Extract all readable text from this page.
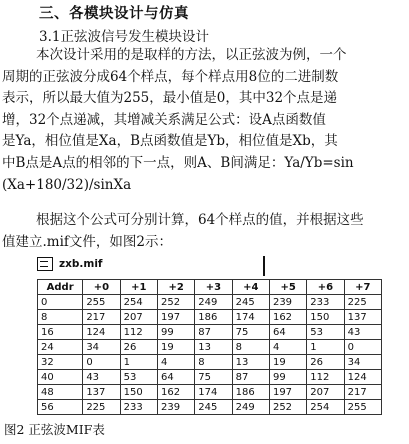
三、各模块设计与仿真
3.1正弦波信号发生模块设计
本次设计采用的是取样的方法，以正弦波为例，一个
周期的正弦波分成64个样点，每个样点用8位的二进制数
表示，所以最大值为255，最小值是0，其中32个点是递
增，32个点递减，其增减关系满足公式：设A点函数值
是Ya，相位值是Xa，B点函数值是Yb，相位值是Xb，其
中B点是A点的相邻的下一点，则A、B间满足：Ya/Yb=sin
(Xa+180/32)/sinXa
根据这个公式可分别计算，64个样点的值，并根据这些
值建立.mif文件，如图2示：
zxb.mif
Addr	+0	+1	+2	+3	+4	+5	+6	+7
0	255	254	252	249	245	239	233	225
8	217	207	197	186	174	162	150	137
16	124	112	99	87	75	64	53	43
24	34	26	19	13	8	4	1	0
32	0	1	4	8	13	19	26	34
40	43	53	64	75	87	99	112	124
48	137	150	162	174	186	197	207	217
56	225	233	239	245	249	252	254	255
图2 正弦波MIF表
